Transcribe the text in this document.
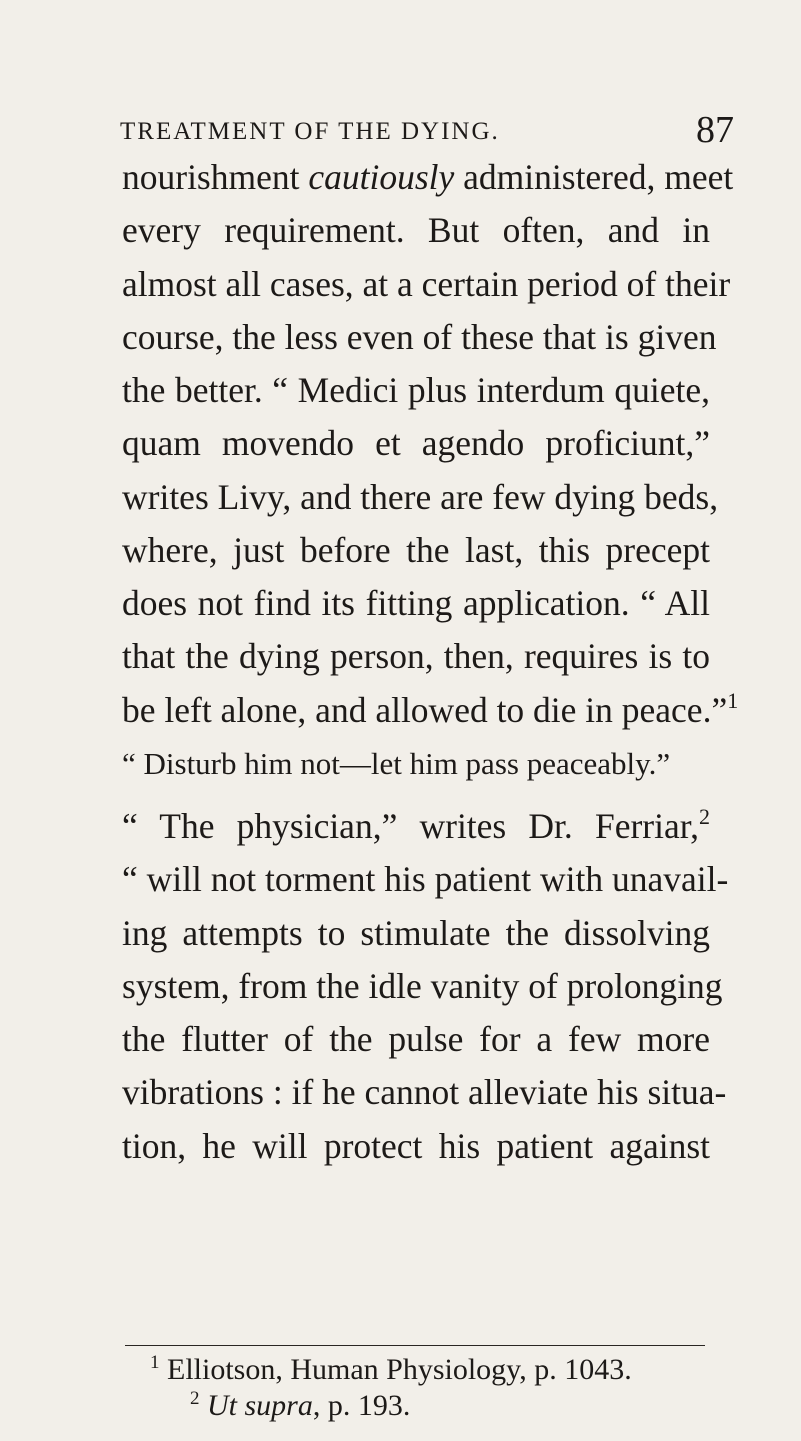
TREATMENT OF THE DYING.	87
nourishment cautiously administered, meet
every requirement. But often, and in
almost all cases, at a certain period of their
course, the less even of these that is given
the better. “ Medici plus interdum quiete,
quam movendo et agendo proficiunt,”
writes Livy, and there are few dying beds,
where, just before the last, this precept
does not find its fitting application. “ All
that the dying person, then, requires is to
be left alone, and allowed to die in peace.”$^1$
“ Disturb him not—let him pass peaceably.”
“ The physician,” writes Dr. Ferriar,$^2$
“ will not torment his patient with unavail-
ing attempts to stimulate the dissolving
system, from the idle vanity of prolonging
the flutter of the pulse for a few more
vibrations : if he cannot alleviate his situa-
tion, he will protect his patient against
$^1$ Elliotson, Human Physiology, p. 1043.
$^2$ Ut supra, p. 193.
